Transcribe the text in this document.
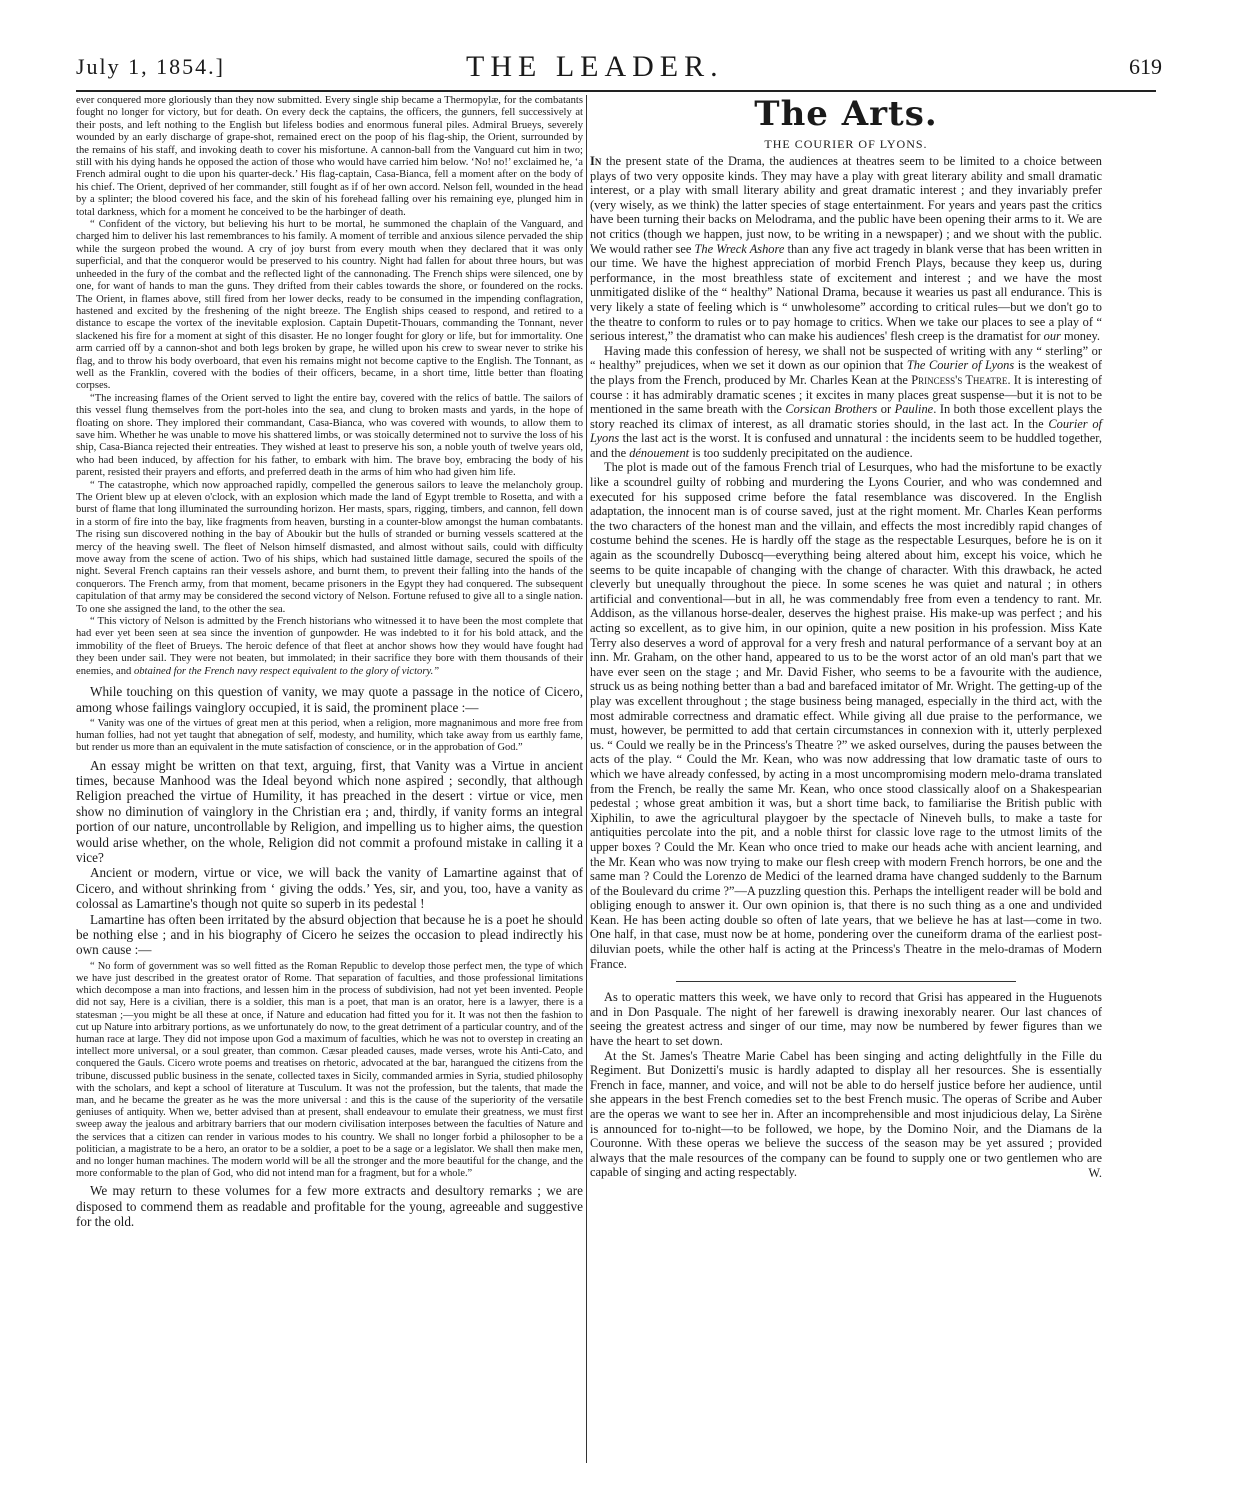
July 1, 1854.]	THE LEADER.	619

ever conquered more gloriously than they now submitted. Every single ship became a Thermopylæ, for the combatants fought no longer for victory, but for death. On every deck the captains, the officers, the gunners, fell successively at their posts, and left nothing to the English but lifeless bodies and enormous funeral piles. Admiral Brueys, severely wounded by an early discharge of grape-shot, remained erect on the poop of his flag-ship, the Orient, surrounded by the remains of his staff, and invoking death to cover his misfortune. A cannon-ball from the Vanguard cut him in two; still with his dying hands he opposed the action of those who would have carried him below. ‘No! no!’ exclaimed he, ‘a French admiral ought to die upon his quarter-deck.’ His flag-captain, Casa-Bianca, fell a moment after on the body of his chief. The Orient, deprived of her commander, still fought as if of her own accord. Nelson fell, wounded in the head by a splinter; the blood covered his face, and the skin of his forehead falling over his remaining eye, plunged him in total darkness, which for a moment he conceived to be the harbinger of death.

“ Confident of the victory, but believing his hurt to be mortal, he summoned the chaplain of the Vanguard, and charged him to deliver his last remembrances to his family. A moment of terrible and anxious silence pervaded the ship while the surgeon probed the wound. A cry of joy burst from every mouth when they declared that it was only superficial, and that the conqueror would be preserved to his country. Night had fallen for about three hours, but was unheeded in the fury of the combat and the reflected light of the cannonading. The French ships were silenced, one by one, for want of hands to man the guns. They drifted from their cables towards the shore, or foundered on the rocks. The Orient, in flames above, still fired from her lower decks, ready to be consumed in the impending conflagration, hastened and excited by the freshening of the night breeze. The English ships ceased to respond, and retired to a distance to escape the vortex of the inevitable explosion. Captain Dupetit-Thouars, commanding the Tonnant, never slackened his fire for a moment at sight of this disaster. He no longer fought for glory or life, but for immortality. One arm carried off by a cannon-shot and both legs broken by grape, he willed upon his crew to swear never to strike his flag, and to throw his body overboard, that even his remains might not become captive to the English. The Tonnant, as well as the Franklin, covered with the bodies of their officers, became, in a short time, little better than floating corpses.

“The increasing flames of the Orient served to light the entire bay, covered with the relics of battle. The sailors of this vessel flung themselves from the port-holes into the sea, and clung to broken masts and yards, in the hope of floating on shore. They implored their commandant, Casa-Bianca, who was covered with wounds, to allow them to save him. Whether he was unable to move his shattered limbs, or was stoically determined not to survive the loss of his ship, Casa-Bianca rejected their entreaties. They wished at least to preserve his son, a noble youth of twelve years old, who had been induced, by affection for his father, to embark with him. The brave boy, embracing the body of his parent, resisted their prayers and efforts, and preferred death in the arms of him who had given him life.

“ The catastrophe, which now approached rapidly, compelled the generous sailors to leave the melancholy group. The Orient blew up at eleven o'clock, with an explosion which made the land of Egypt tremble to Rosetta, and with a burst of flame that long illuminated the surrounding horizon. Her masts, spars, rigging, timbers, and cannon, fell down in a storm of fire into the bay, like fragments from heaven, bursting in a counter-blow amongst the human combatants. The rising sun discovered nothing in the bay of Aboukir but the hulls of stranded or burning vessels scattered at the mercy of the heaving swell. The fleet of Nelson himself dismasted, and almost without sails, could with difficulty move away from the scene of action. Two of his ships, which had sustained little damage, secured the spoils of the night. Several French captains ran their vessels ashore, and burnt them, to prevent their falling into the hands of the conquerors. The French army, from that moment, became prisoners in the Egypt they had conquered. The subsequent capitulation of that army may be considered the second victory of Nelson. Fortune refused to give all to a single nation. To one she assigned the land, to the other the sea.

“ This victory of Nelson is admitted by the French historians who witnessed it to have been the most complete that had ever yet been seen at sea since the invention of gunpowder. He was indebted to it for his bold attack, and the immobility of the fleet of Brueys. The heroic defence of that fleet at anchor shows how they would have fought had they been under sail. They were not beaten, but immolated; in their sacrifice they bore with them thousands of their enemies, and obtained for the French navy respect equivalent to the glory of victory.”

While touching on this question of vanity, we may quote a passage in the notice of Cicero, among whose failings vainglory occupied, it is said, the prominent place :—

“ Vanity was one of the virtues of great men at this period, when a religion, more magnanimous and more free from human follies, had not yet taught that abnegation of self, modesty, and humility, which take away from us earthly fame, but render us more than an equivalent in the mute satisfaction of conscience, or in the approbation of God.”

An essay might be written on that text, arguing, first, that Vanity was a Virtue in ancient times, because Manhood was the Ideal beyond which none aspired ; secondly, that although Religion preached the virtue of Humility, it has preached in the desert : virtue or vice, men show no diminution of vainglory in the Christian era ; and, thirdly, if vanity forms an integral portion of our nature, uncontrollable by Religion, and impelling us to higher aims, the question would arise whether, on the whole, Religion did not commit a profound mistake in calling it a vice?

Ancient or modern, virtue or vice, we will back the vanity of Lamartine against that of Cicero, and without shrinking from ‘ giving the odds.’ Yes, sir, and you, too, have a vanity as colossal as Lamartine's though not quite so superb in its pedestal !

Lamartine has often been irritated by the absurd objection that because he is a poet he should be nothing else ; and in his biography of Cicero he seizes the occasion to plead indirectly his own cause :—

“ No form of government was so well fitted as the Roman Republic to develop those perfect men, the type of which we have just described in the greatest orator of Rome. That separation of faculties, and those professional limitations which decompose a man into fractions, and lessen him in the process of subdivision, had not yet been invented. People did not say, Here is a civilian, there is a soldier, this man is a poet, that man is an orator, here is a lawyer, there is a statesman ;—you might be all these at once, if Nature and education had fitted you for it. It was not then the fashion to cut up Nature into arbitrary portions, as we unfortunately do now, to the great detriment of a particular country, and of the human race at large. They did not impose upon God a maximum of faculties, which he was not to overstep in creating an intellect more universal, or a soul greater, than common. Cæsar pleaded causes, made verses, wrote his Anti-Cato, and conquered the Gauls. Cicero wrote poems and treatises on rhetoric, advocated at the bar, harangued the citizens from the tribune, discussed public business in the senate, collected taxes in Sicily, commanded armies in Syria, studied philosophy with the scholars, and kept a school of literature at Tusculum. It was not the profession, but the talents, that made the man, and he became the greater as he was the more universal : and this is the cause of the superiority of the versatile geniuses of antiquity. When we, better advised than at present, shall endeavour to emulate their greatness, we must first sweep away the jealous and arbitrary barriers that our modern civilisation interposes between the faculties of Nature and the services that a citizen can render in various modes to his country. We shall no longer forbid a philosopher to be a politician, a magistrate to be a hero, an orator to be a soldier, a poet to be a sage or a legislator. We shall then make men, and no longer human machines. The modern world will be all the stronger and the more beautiful for the change, and the more conformable to the plan of God, who did not intend man for a fragment, but for a whole.”

We may return to these volumes for a few more extracts and desultory remarks ; we are disposed to commend them as readable and profitable for the young, agreeable and suggestive for the old.

The Arts.

THE COURIER OF LYONS.

In the present state of the Drama, the audiences at theatres seem to be limited to a choice between plays of two very opposite kinds. They may have a play with great literary ability and small dramatic interest, or a play with small literary ability and great dramatic interest ; and they invariably prefer (very wisely, as we think) the latter species of stage entertainment. For years and years past the critics have been turning their backs on Melodrama, and the public have been opening their arms to it. We are not critics (though we happen, just now, to be writing in a newspaper) ; and we shout with the public. We would rather see The Wreck Ashore than any five act tragedy in blank verse that has been written in our time. We have the highest appreciation of morbid French Plays, because they keep us, during performance, in the most breathless state of excitement and interest ; and we have the most unmitigated dislike of the “ healthy” National Drama, because it wearies us past all endurance. This is very likely a state of feeling which is “ unwholesome” according to critical rules—but we don't go to the theatre to conform to rules or to pay homage to critics. When we take our places to see a play of “ serious interest,” the dramatist who can make his audiences' flesh creep is the dramatist for our money.

Having made this confession of heresy, we shall not be suspected of writing with any “ sterling” or “ healthy” prejudices, when we set it down as our opinion that The Courier of Lyons is the weakest of the plays from the French, produced by Mr. Charles Kean at the Princess's Theatre. It is interesting of course : it has admirably dramatic scenes ; it excites in many places great suspense—but it is not to be mentioned in the same breath with the Corsican Brothers or Pauline. In both those excellent plays the story reached its climax of interest, as all dramatic stories should, in the last act. In the Courier of Lyons the last act is the worst. It is confused and unnatural : the incidents seem to be huddled together, and the dénouement is too suddenly precipitated on the audience.

The plot is made out of the famous French trial of Lesurques, who had the misfortune to be exactly like a scoundrel guilty of robbing and murdering the Lyons Courier, and who was condemned and executed for his supposed crime before the fatal resemblance was discovered. In the English adaptation, the innocent man is of course saved, just at the right moment. Mr. Charles Kean performs the two characters of the honest man and the villain, and effects the most incredibly rapid changes of costume behind the scenes. He is hardly off the stage as the respectable Lesurques, before he is on it again as the scoundrelly Duboscq—everything being altered about him, except his voice, which he seems to be quite incapable of changing with the change of character. With this drawback, he acted cleverly but unequally throughout the piece. In some scenes he was quiet and natural ; in others artificial and conventional—but in all, he was commendably free from even a tendency to rant. Mr. Addison, as the villanous horse-dealer, deserves the highest praise. His make-up was perfect ; and his acting so excellent, as to give him, in our opinion, quite a new position in his profession. Miss Kate Terry also deserves a word of approval for a very fresh and natural performance of a servant boy at an inn. Mr. Graham, on the other hand, appeared to us to be the worst actor of an old man's part that we have ever seen on the stage ; and Mr. David Fisher, who seems to be a favourite with the audience, struck us as being nothing better than a bad and barefaced imitator of Mr. Wright. The getting-up of the play was excellent throughout ; the stage business being managed, especially in the third act, with the most admirable correctness and dramatic effect. While giving all due praise to the performance, we must, however, be permitted to add that certain circumstances in connexion with it, utterly perplexed us. “ Could we really be in the Princess's Theatre ?” we asked ourselves, during the pauses between the acts of the play. “ Could the Mr. Kean, who was now addressing that low dramatic taste of ours to which we have already confessed, by acting in a most uncompromising modern melo-drama translated from the French, be really the same Mr. Kean, who once stood classically aloof on a Shakespearian pedestal ; whose great ambition it was, but a short time back, to familiarise the British public with Xiphilin, to awe the agricultural playgoer by the spectacle of Nineveh bulls, to make a taste for antiquities percolate into the pit, and a noble thirst for classic love rage to the utmost limits of the upper boxes ? Could the Mr. Kean who once tried to make our heads ache with ancient learning, and the Mr. Kean who was now trying to make our flesh creep with modern French horrors, be one and the same man ? Could the Lorenzo de Medici of the learned drama have changed suddenly to the Barnum of the Boulevard du crime ?”—A puzzling question this. Perhaps the intelligent reader will be bold and obliging enough to answer it. Our own opinion is, that there is no such thing as a one and undivided Kean. He has been acting double so often of late years, that we believe he has at last—come in two. One half, in that case, must now be at home, pondering over the cuneiform drama of the earliest post-diluvian poets, while the other half is acting at the Princess's Theatre in the melo-dramas of Modern France.

As to operatic matters this week, we have only to record that Grisi has appeared in the Huguenots and in Don Pasquale. The night of her farewell is drawing inexorably nearer. Our last chances of seeing the greatest actress and singer of our time, may now be numbered by fewer figures than we have the heart to set down.

At the St. James's Theatre Marie Cabel has been singing and acting delightfully in the Fille du Regiment. But Donizetti's music is hardly adapted to display all her resources. She is essentially French in face, manner, and voice, and will not be able to do herself justice before her audience, until she appears in the best French comedies set to the best French music. The operas of Scribe and Auber are the operas we want to see her in. After an incomprehensible and most injudicious delay, La Sirène is announced for to-night—to be followed, we hope, by the Domino Noir, and the Diamans de la Couronne. With these operas we believe the success of the season may be yet assured ; provided always that the male resources of the company can be found to supply one or two gentlemen who are capable of singing and acting respectably.	W.
